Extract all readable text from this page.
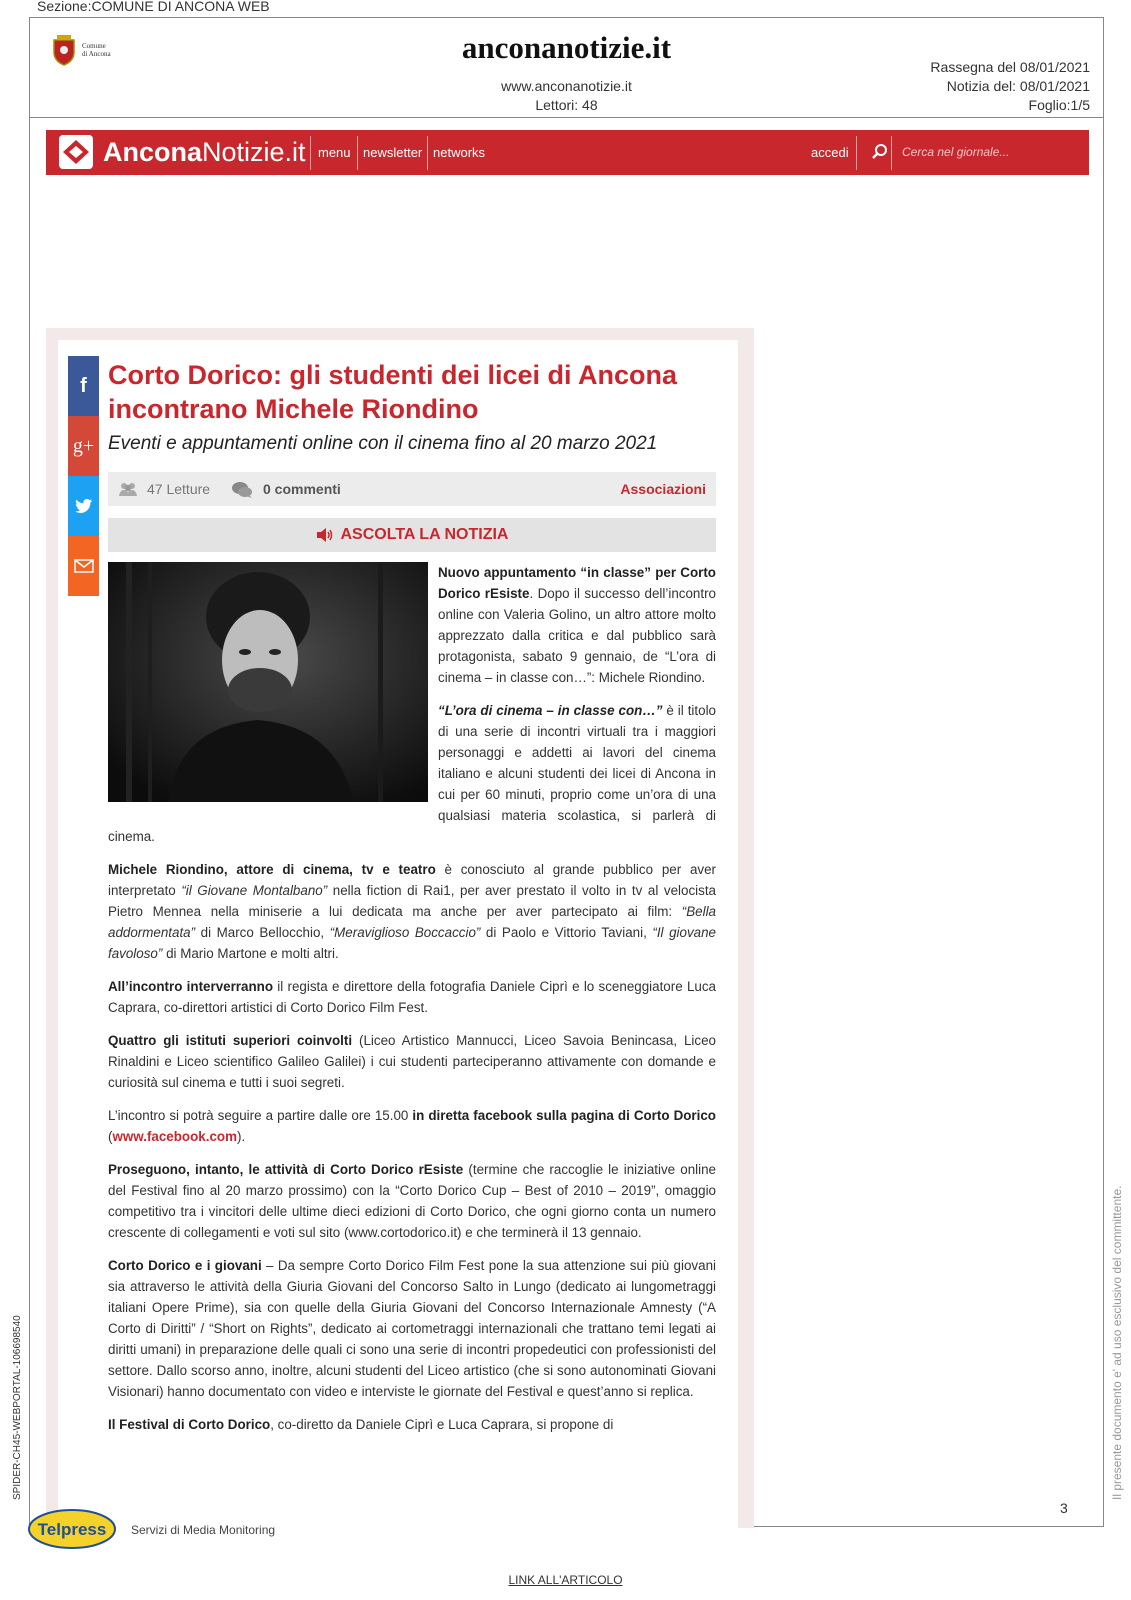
Sezione:COMUNE DI ANCONA WEB
Comune
di Ancona	anconanotizie.it
www.anconanotizie.it
Lettori: 48
Rassegna del 08/01/2021
Notizia del: 08/01/2021
Foglio:1/5
AnconaNotizie.it menu newsletter networks	accedi	Cerca nel giornale...
f
g+
Corto Dorico: gli studenti dei licei di Ancona incontrano Michele Riondino
Eventi e appuntamenti online con il cinema fino al 20 marzo 2021
47 Letture	0 commenti	Associazioni
ASCOLTA LA NOTIZIA

Nuovo appuntamento “in classe” per Corto Dorico rEsiste. Dopo il successo dell’incontro online con Valeria Golino, un altro attore molto apprezzato dalla critica e dal pubblico sarà protagonista, sabato 9 gennaio, de “L’ora di cinema – in classe con…”: Michele Riondino.

“L’ora di cinema – in classe con…” è il titolo di una serie di incontri virtuali tra i maggiori personaggi e addetti ai lavori del cinema italiano e alcuni studenti dei licei di Ancona in cui per 60 minuti, proprio come un’ora di una qualsiasi materia scolastica, si parlerà di cinema.

Michele Riondino, attore di cinema, tv e teatro è conosciuto al grande pubblico per aver interpretato “il Giovane Montalbano” nella fiction di Rai1, per aver prestato il volto in tv al velocista Pietro Mennea nella miniserie a lui dedicata ma anche per aver partecipato ai film: “Bella addormentata” di Marco Bellocchio, “Meraviglioso Boccaccio” di Paolo e Vittorio Taviani, “Il giovane favoloso” di Mario Martone e molti altri.

All’incontro interverranno il regista e direttore della fotografia Daniele Ciprì e lo sceneggiatore Luca Caprara, co-direttori artistici di Corto Dorico Film Fest.

Quattro gli istituti superiori coinvolti (Liceo Artistico Mannucci, Liceo Savoia Benincasa, Liceo Rinaldini e Liceo scientifico Galileo Galilei) i cui studenti parteciperanno attivamente con domande e curiosità sul cinema e tutti i suoi segreti.

L’incontro si potrà seguire a partire dalle ore 15.00 in diretta facebook sulla pagina di Corto Dorico (www.facebook.com).

Proseguono, intanto, le attività di Corto Dorico rEsiste (termine che raccoglie le iniziative online del Festival fino al 20 marzo prossimo) con la “Corto Dorico Cup – Best of 2010 – 2019”, omaggio competitivo tra i vincitori delle ultime dieci edizioni di Corto Dorico, che ogni giorno conta un numero crescente di collegamenti e voti sul sito (www.cortodorico.it) e che terminerà il 13 gennaio.

Corto Dorico e i giovani – Da sempre Corto Dorico Film Fest pone la sua attenzione sui più giovani sia attraverso le attività della Giuria Giovani del Concorso Salto in Lungo (dedicato ai lungometraggi italiani Opere Prime), sia con quelle della Giuria Giovani del Concorso Internazionale Amnesty (“A Corto di Diritti” / “Short on Rights”, dedicato ai cortometraggi internazionali che trattano temi legati ai diritti umani) in preparazione delle quali ci sono una serie di incontri propedeutici con professionisti del settore. Dallo scorso anno, inoltre, alcuni studenti del Liceo artistico (che si sono autonominati Giovani Visionari) hanno documentato con video e interviste le giornate del Festival e quest’anno si replica.

Il Festival di Corto Dorico, co-diretto da Daniele Ciprì e Luca Caprara, si propone di

3
Telpress Servizi di Media Monitoring
LINK ALL'ARTICOLO
SPIDER-CH45-WEBPORTAL-106698540	Il presente documento e' ad uso esclusivo del committente.
